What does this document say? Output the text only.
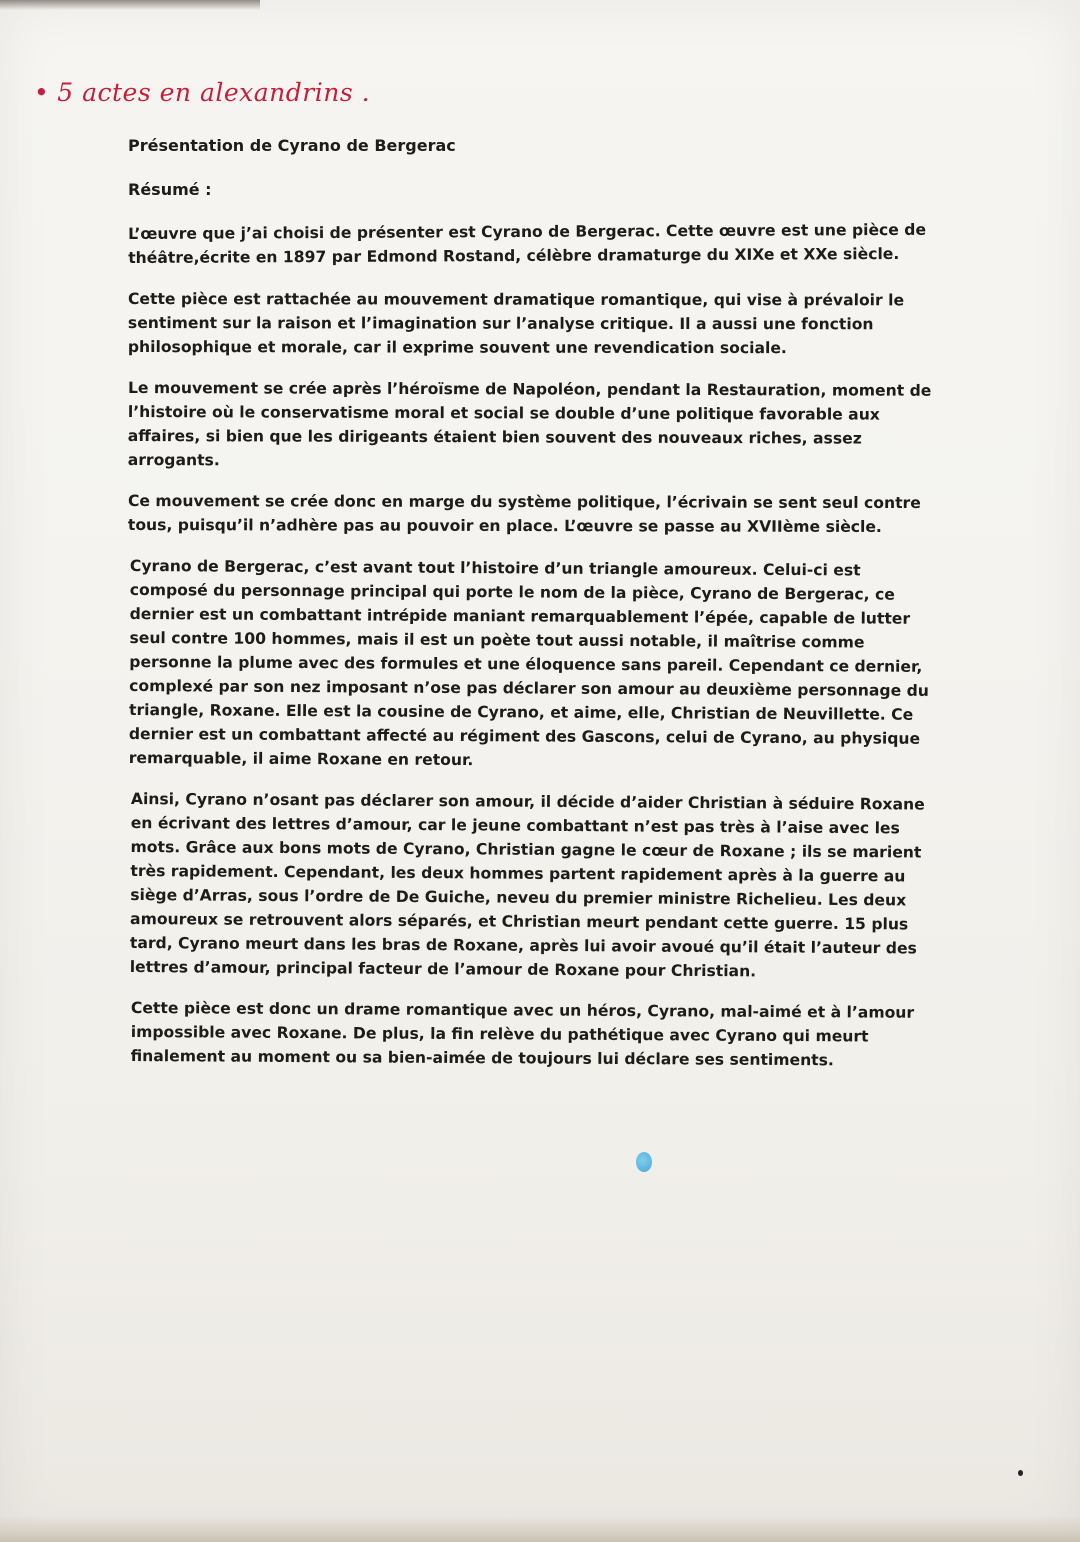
• 5 actes en alexandrins .
Présentation de Cyrano de Bergerac
Résumé :

L’œuvre que j’ai choisi de présenter est Cyrano de Bergerac. Cette œuvre est une pièce de théâtre,écrite en 1897 par Edmond Rostand, célèbre dramaturge du XIXe et XXe siècle.

Cette pièce est rattachée au mouvement dramatique romantique, qui vise à prévaloir le sentiment sur la raison et l’imagination sur l’analyse critique. Il a aussi une fonction philosophique et morale, car il exprime souvent une revendication sociale.

Le mouvement se crée après l’héroïsme de Napoléon, pendant la Restauration, moment de l’histoire où le conservatisme moral et social se double d’une politique favorable aux affaires, si bien que les dirigeants étaient bien souvent des nouveaux riches, assez arrogants.

Ce mouvement se crée donc en marge du système politique, l’écrivain se sent seul contre tous, puisqu’il n’adhère pas au pouvoir en place. L’œuvre se passe au XVIIème siècle.

Cyrano de Bergerac, c’est avant tout l’histoire d’un triangle amoureux. Celui-ci est composé du personnage principal qui porte le nom de la pièce, Cyrano de Bergerac, ce dernier est un combattant intrépide maniant remarquablement l’épée, capable de lutter seul contre 100 hommes, mais il est un poète tout aussi notable, il maîtrise comme personne la plume avec des formules et une éloquence sans pareil. Cependant ce dernier, complexé par son nez imposant n’ose pas déclarer son amour au deuxième personnage du triangle, Roxane. Elle est la cousine de Cyrano, et aime, elle, Christian de Neuvillette. Ce dernier est un combattant affecté au régiment des Gascons, celui de Cyrano, au physique remarquable, il aime Roxane en retour.

Ainsi, Cyrano n’osant pas déclarer son amour, il décide d’aider Christian à séduire Roxane en écrivant des lettres d’amour, car le jeune combattant n’est pas très à l’aise avec les mots. Grâce aux bons mots de Cyrano, Christian gagne le cœur de Roxane ; ils se marient très rapidement. Cependant, les deux hommes partent rapidement après à la guerre au siège d’Arras, sous l’ordre de De Guiche, neveu du premier ministre Richelieu. Les deux amoureux se retrouvent alors séparés, et Christian meurt pendant cette guerre. 15 plus tard, Cyrano meurt dans les bras de Roxane, après lui avoir avoué qu’il était l’auteur des lettres d’amour, principal facteur de l’amour de Roxane pour Christian.

Cette pièce est donc un drame romantique avec un héros, Cyrano, mal-aimé et à l’amour impossible avec Roxane. De plus, la fin relève du pathétique avec Cyrano qui meurt finalement au moment ou sa bien-aimée de toujours lui déclare ses sentiments.
